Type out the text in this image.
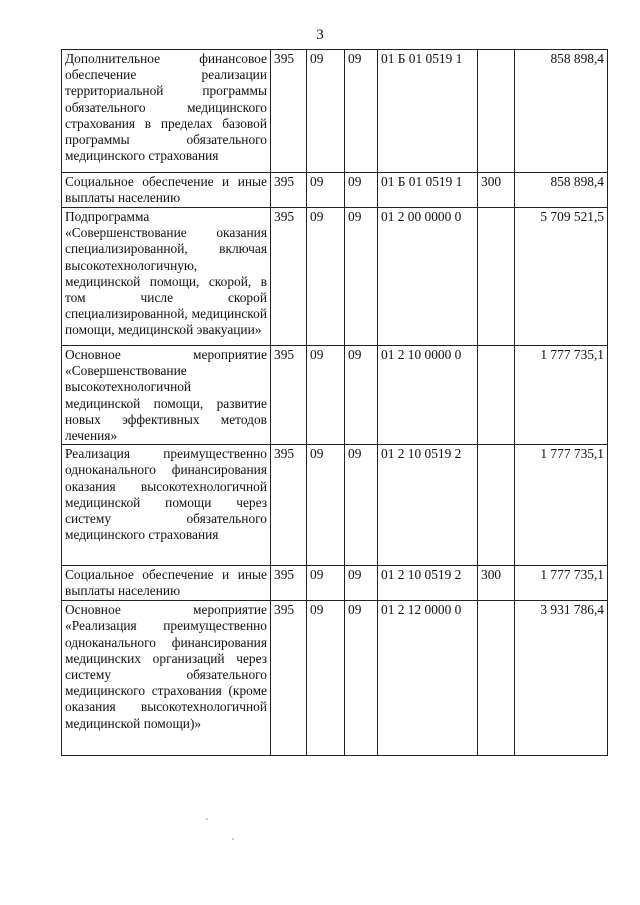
3
Дополнительное финансовое обеспечение реализации территориальной программы обязательного медицинского страхования в пределах базовой программы обязательного медицинского страхования	395	09	09	01 Б 01 0519 1		858 898,4
Социальное обеспечение и иные выплаты населению	395	09	09	01 Б 01 0519 1	300	858 898,4
Подпрограмма «Совершенствование оказания специализированной, включая высокотехнологичную, медицинской помощи, скорой, в том числе скорой специализированной, медицинской помощи, медицинской эвакуации»	395	09	09	01 2 00 0000 0		5 709 521,5
Основное мероприятие «Совершенствование высокотехнологичной медицинской помощи, развитие новых эффективных методов лечения»	395	09	09	01 2 10 0000 0		1 777 735,1
Реализация преимущественно одноканального финансирования оказания высокотехнологичной медицинской помощи через систему обязательного медицинского страхования	395	09	09	01 2 10 0519 2		1 777 735,1
Социальное обеспечение и иные выплаты населению	395	09	09	01 2 10 0519 2	300	1 777 735,1
Основное мероприятие «Реализация преимущественно одноканального финансирования медицинских организаций через систему обязательного медицинского страхования (кроме оказания высокотехнологичной медицинской помощи)»	395	09	09	01 2 12 0000 0		3 931 786,4
